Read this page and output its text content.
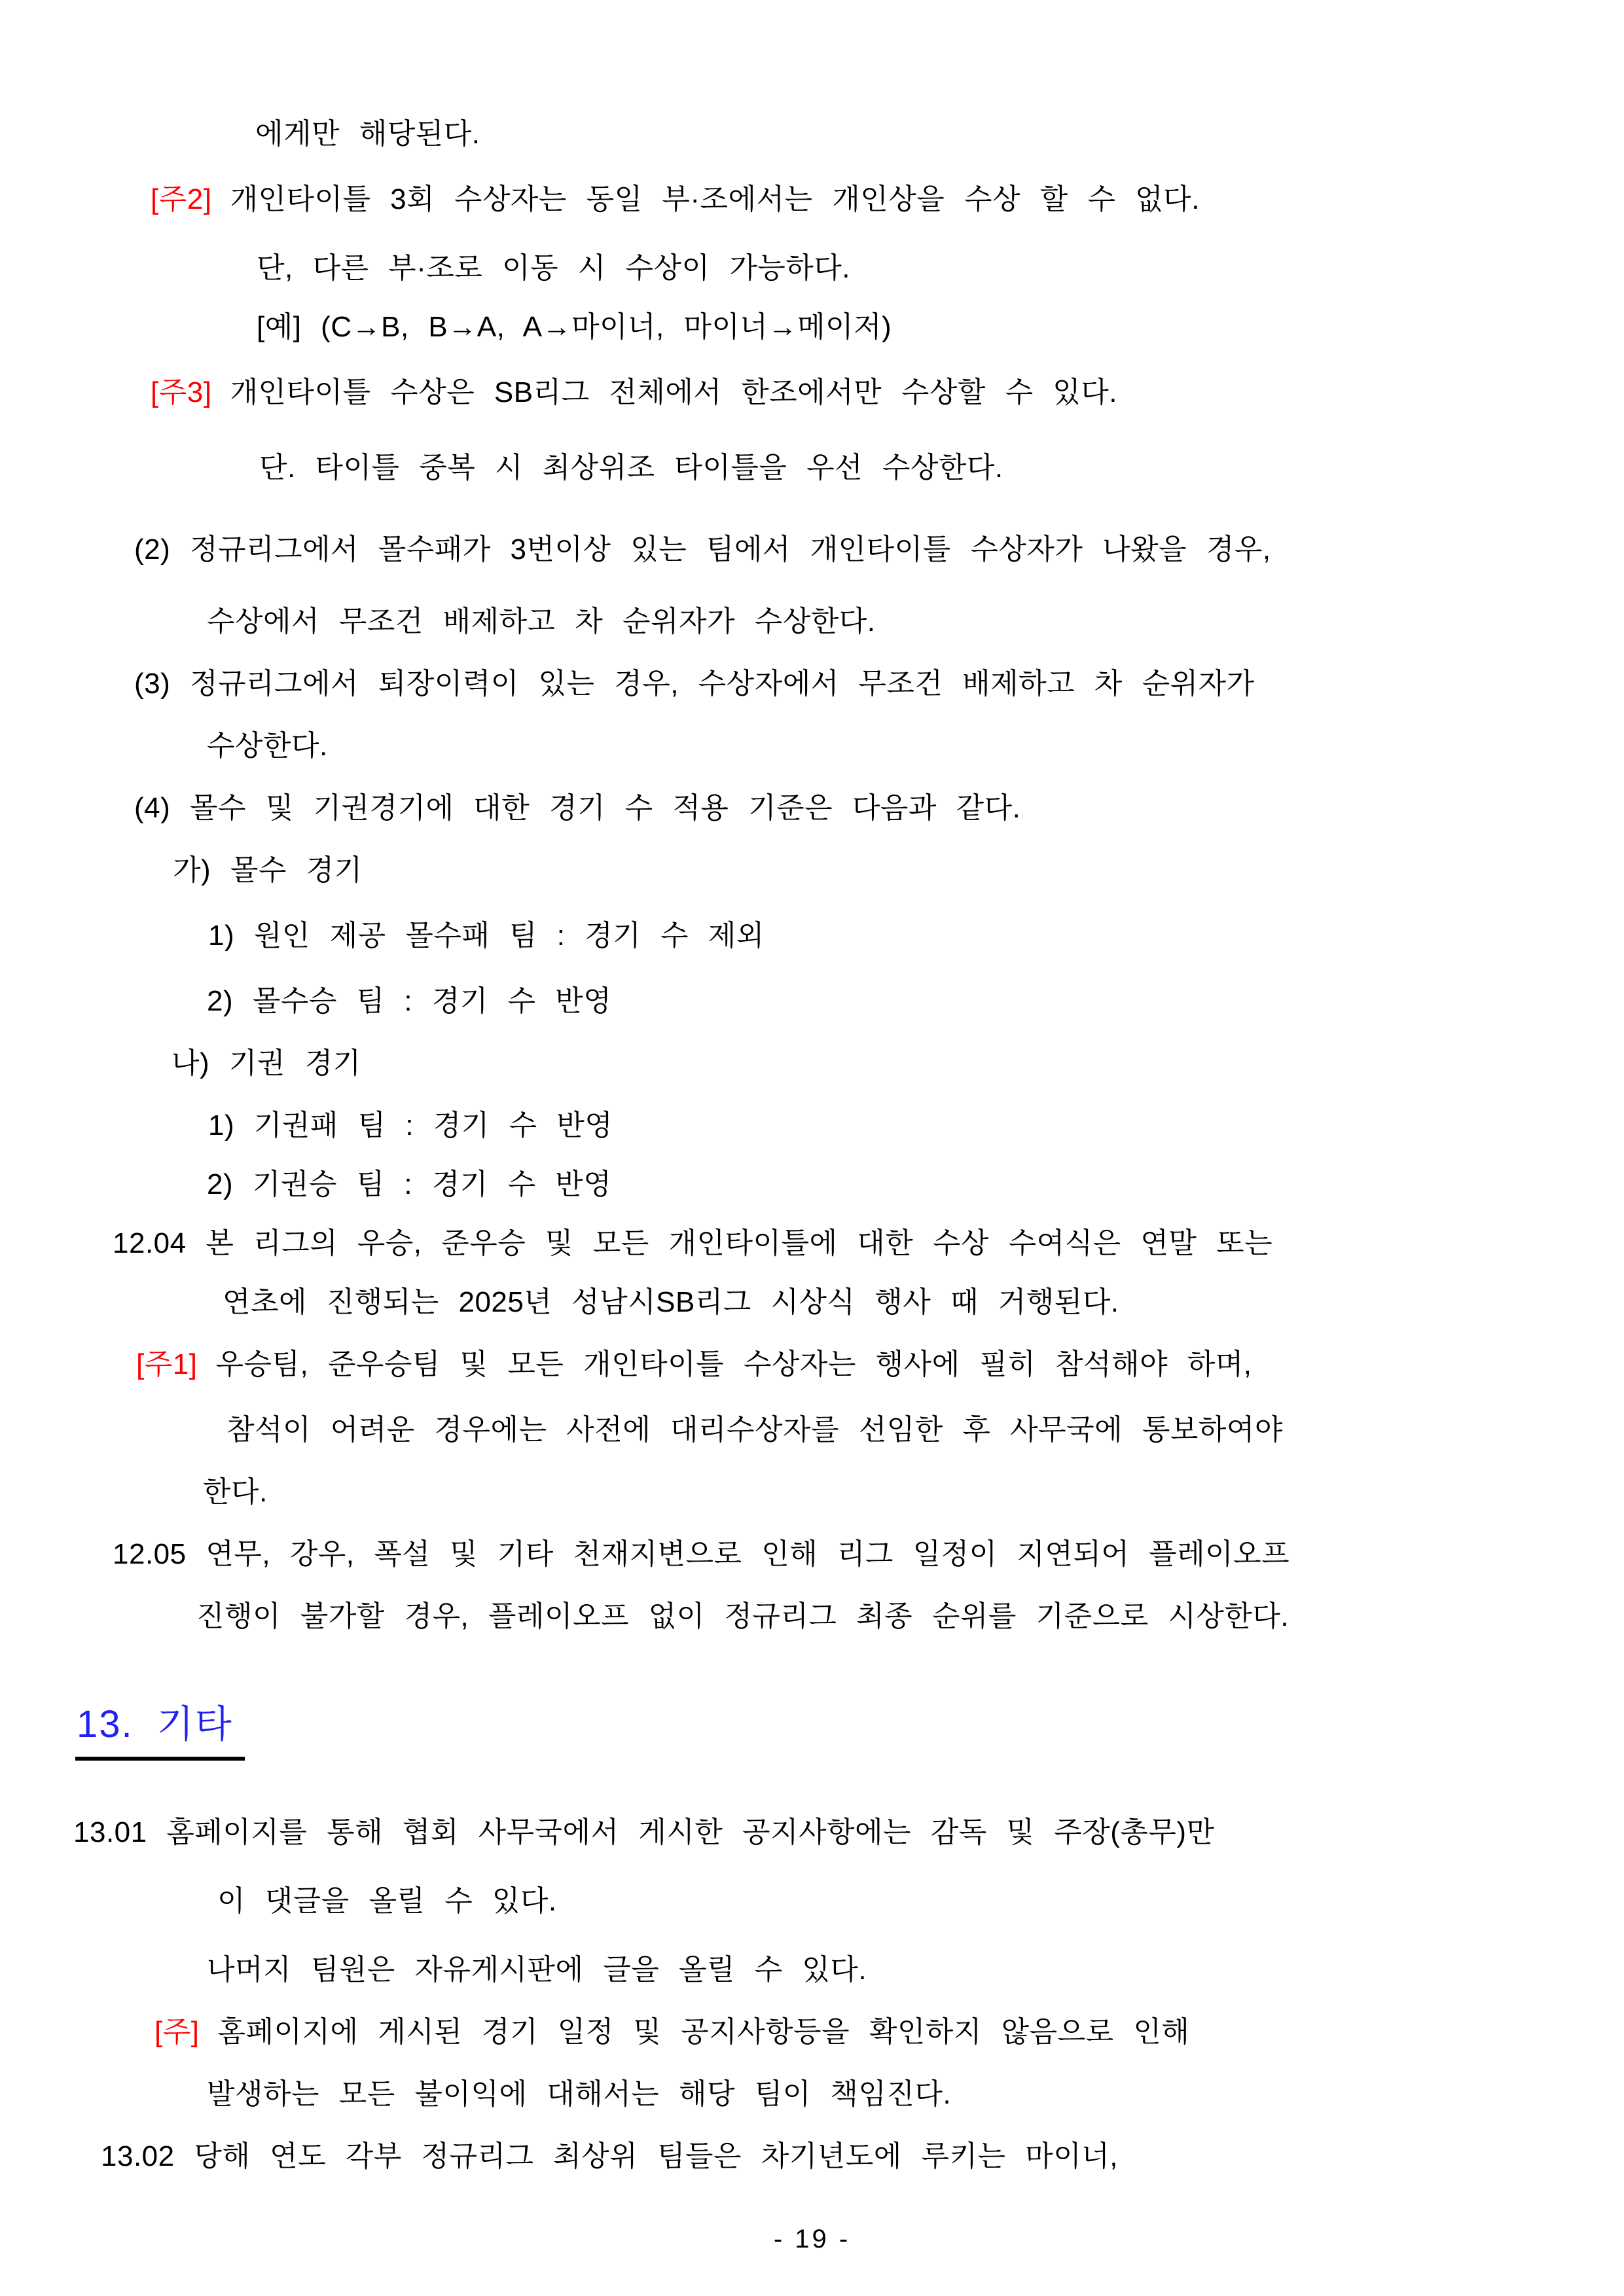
에게만 해당된다.
[주2] 개인타이틀 3회 수상자는 동일 부·조에서는 개인상을 수상 할 수 없다.
단, 다른 부·조로 이동 시 수상이 가능하다.
[예] (C→B, B→A, A→마이너, 마이너→메이저)
[주3] 개인타이틀 수상은 SB리그 전체에서 한조에서만 수상할 수 있다.
단. 타이틀 중복 시 최상위조 타이틀을 우선 수상한다.
(2) 정규리그에서 몰수패가 3번이상 있는 팀에서 개인타이틀 수상자가 나왔을 경우,
수상에서 무조건 배제하고 차 순위자가 수상한다.
(3) 정규리그에서 퇴장이력이 있는 경우, 수상자에서 무조건 배제하고 차 순위자가
수상한다.
(4) 몰수 및 기권경기에 대한 경기 수 적용 기준은 다음과 같다.
가) 몰수 경기
1) 원인 제공 몰수패 팀 : 경기 수 제외
2) 몰수승 팀 : 경기 수 반영
나) 기권 경기
1) 기권패 팀 : 경기 수 반영
2) 기권승 팀 : 경기 수 반영
12.04 본 리그의 우승, 준우승 및 모든 개인타이틀에 대한 수상 수여식은 연말 또는
연초에 진행되는 2025년 성남시SB리그 시상식 행사 때 거행된다.
[주1] 우승팀, 준우승팀 및 모든 개인타이틀 수상자는 행사에 필히 참석해야 하며,
참석이 어려운 경우에는 사전에 대리수상자를 선임한 후 사무국에 통보하여야
한다.
12.05 연무, 강우, 폭설 및 기타 천재지변으로 인해 리그 일정이 지연되어 플레이오프
진행이 불가할 경우, 플레이오프 없이 정규리그 최종 순위를 기준으로 시상한다.
13. 기타
13.01 홈페이지를 통해 협회 사무국에서 게시한 공지사항에는 감독 및 주장(총무)만
이 댓글을 올릴 수 있다.
나머지 팀원은 자유게시판에 글을 올릴 수 있다.
[주] 홈페이지에 게시된 경기 일정 및 공지사항등을 확인하지 않음으로 인해
발생하는 모든 불이익에 대해서는 해당 팀이 책임진다.
13.02 당해 연도 각부 정규리그 최상위 팀들은 차기년도에 루키는 마이너,
- 19 -
